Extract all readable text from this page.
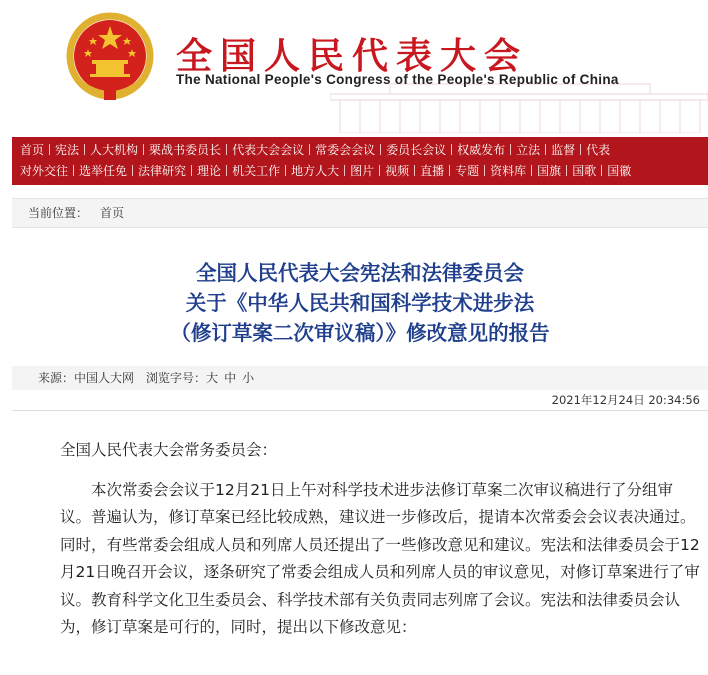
全国人民代表大会
The National People's Congress of the People's Republic of China
首页 宪法 人大机构 栗战书委员长 代表大会会议 常委会会议 委员长会议 权威发布 立法 监督 代表
对外交往 选举任免 法律研究 理论 机关工作 地方人大 图片 视频 直播 专题 资料库 国旗 国歌 国徽
当前位置： 首页
全国人民代表大会宪法和法律委员会
关于《中华人民共和国科学技术进步法
（修订草案二次审议稿）》修改意见的报告
来源：中国人大网 浏览字号：大 中 小
2021年12月24日 20:34:56

全国人民代表大会常务委员会：

本次常委会会议于12月21日上午对科学技术进步法修订草案二次审议稿进行了分组审议。普遍认为，修订草案已经比较成熟，建议进一步修改后，提请本次常委会会议表决通过。同时，有些常委会组成人员和列席人员还提出了一些修改意见和建议。宪法和法律委员会于12月21日晚召开会议，逐条研究了常委会组成人员和列席人员的审议意见，对修订草案进行了审议。教育科学文化卫生委员会、科学技术部有关负责同志列席了会议。宪法和法律委员会认为，修订草案是可行的，同时，提出以下修改意见：
